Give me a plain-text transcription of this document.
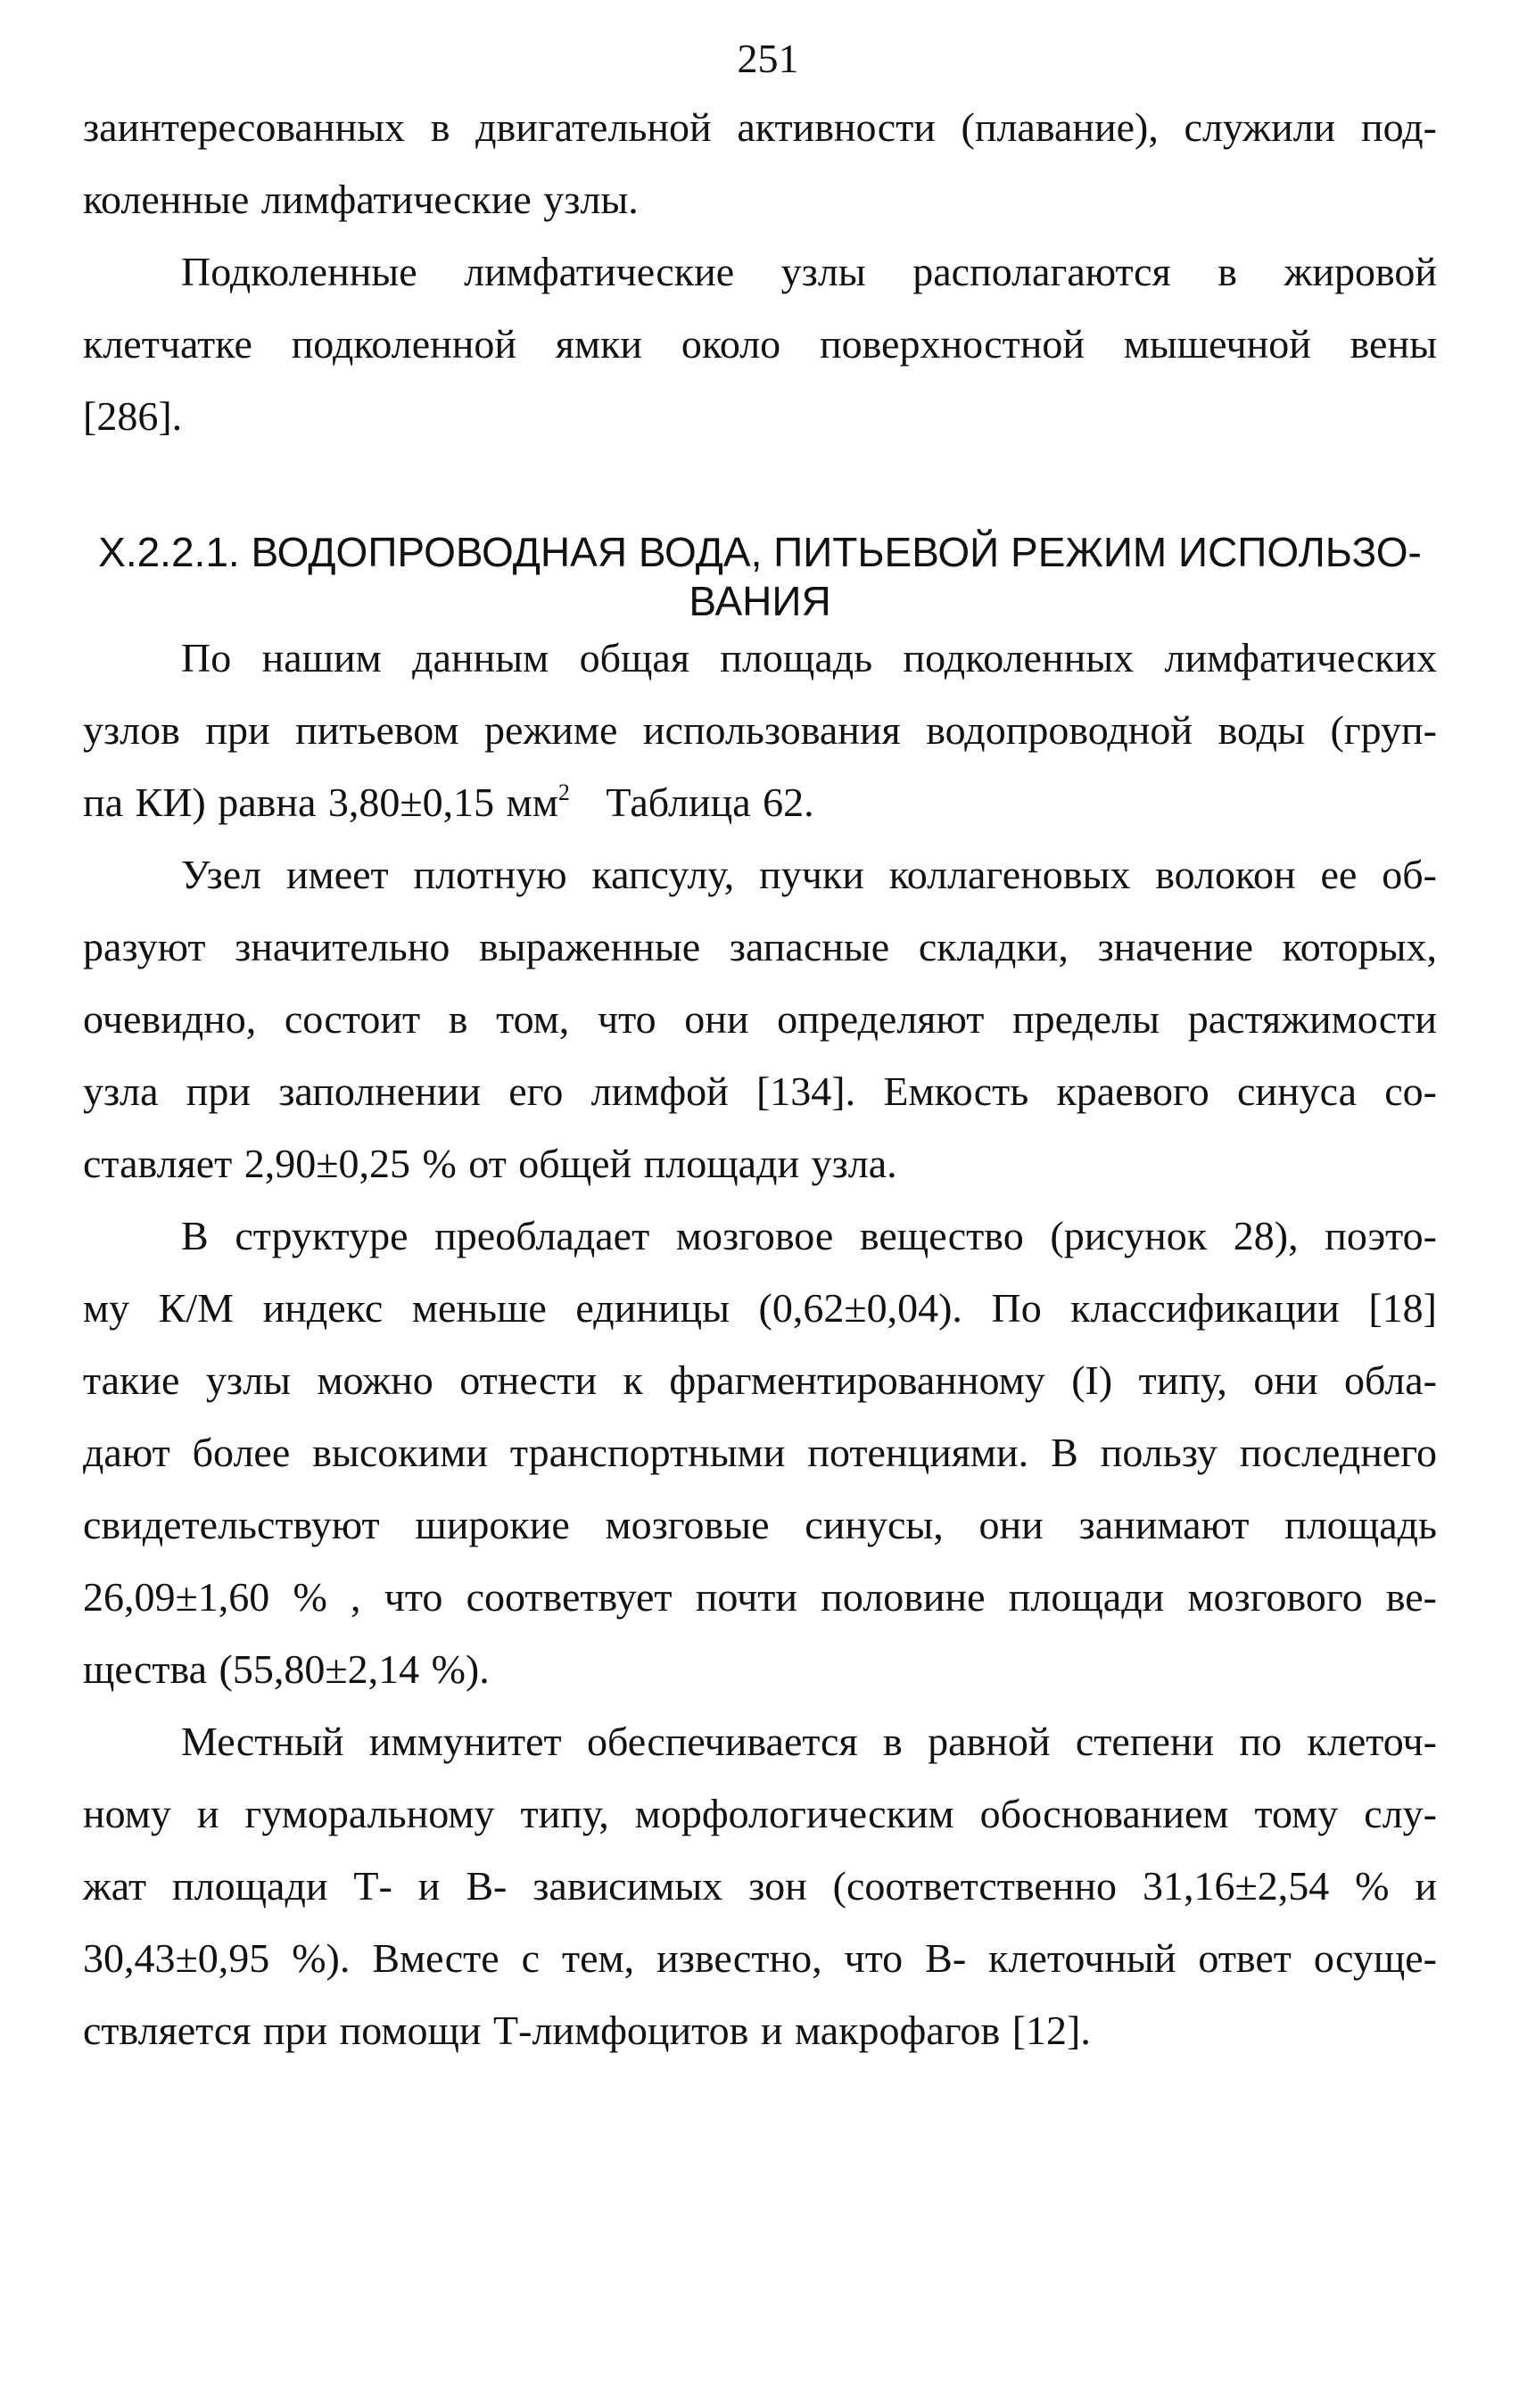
251
заинтересованных в двигательной активности (плавание), служили под-
коленные лимфатические узлы.
Подколенные лимфатические узлы располагаются в жировой
клетчатке подколенной ямки около поверхностной мышечной вены
[286].
X.2.2.1. ВОДОПРОВОДНАЯ ВОДА, ПИТЬЕВОЙ РЕЖИМ ИСПОЛЬЗО-
ВАНИЯ
По нашим данным общая площадь подколенных лимфатических
узлов при питьевом режиме использования водопроводной воды (груп-
па КИ) равна 3,80±0,15 $мм^2$   Таблица 62.
Узел имеет плотную капсулу, пучки коллагеновых волокон ее об-
разуют значительно выраженные запасные складки, значение которых,
очевидно, состоит в том, что они определяют пределы растяжимости
узла при заполнении его лимфой [134]. Емкость краевого синуса со-
ставляет 2,90±0,25 % от общей площади узла.
В структуре преобладает мозговое вещество (рисунок 28), поэто-
му К/М индекс меньше единицы (0,62±0,04). По классификации [18]
такие узлы можно отнести к фрагментированному (I) типу, они обла-
дают более высокими транспортными потенциями. В пользу последнего
свидетельствуют широкие мозговые синусы, они занимают площадь
26,09±1,60 % , что соответвует почти половине площади мозгового ве-
щества (55,80±2,14 %).
Местный иммунитет обеспечивается в равной степени по клеточ-
ному и гуморальному типу, морфологическим обоснованием тому слу-
жат площади Т- и В- зависимых зон (соответственно 31,16±2,54 % и
30,43±0,95 %). Вместе с тем, известно, что В- клеточный ответ осуще-
ствляется при помощи Т-лимфоцитов и макрофагов [12].
